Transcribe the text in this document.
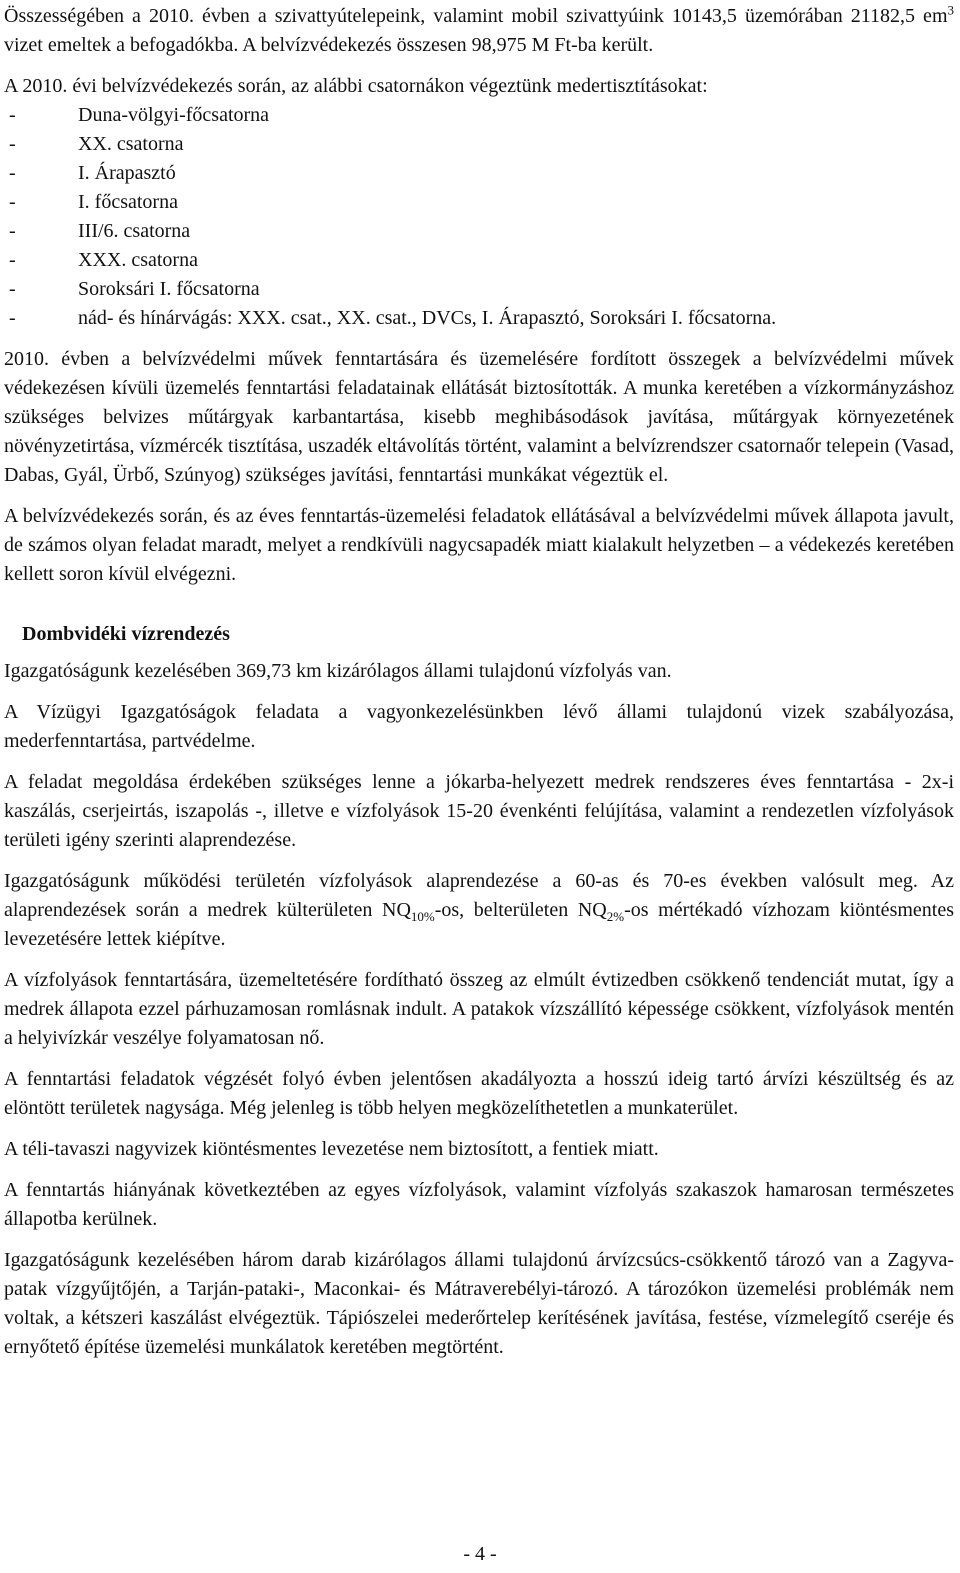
Összességében a 2010. évben a szivattyútelepeink, valamint mobil szivattyúink 10143,5 üzemórában 21182,5 $em^3$ vizet emeltek a befogadókba. A belvízvédekezés összesen 98,975 M Ft-ba került.

A 2010. évi belvízvédekezés során, az alábbi csatornákon végeztünk medertisztításokat:

- Duna-völgyi-főcsatorna
- XX. csatorna
- I. Árapasztó
- I. főcsatorna
- III/6. csatorna
- XXX. csatorna
- Soroksári I. főcsatorna
- nád- és hínárvágás: XXX. csat., XX. csat., DVCs, I. Árapasztó, Soroksári I. főcsatorna.

2010. évben a belvízvédelmi művek fenntartására és üzemelésére fordított összegek a belvízvédelmi művek védekezésen kívüli üzemelés fenntartási feladatainak ellátását biztosították. A munka keretében a vízkormányzáshoz szükséges belvizes műtárgyak karbantartása, kisebb meghibásodások javítása, műtárgyak környezetének növényzetirtása, vízmércék tisztítása, uszadék eltávolítás történt, valamint a belvízrendszer csatornaőr telepein (Vasad, Dabas, Gyál, Ürbő, Szúnyog) szükséges javítási, fenntartási munkákat végeztük el.

A belvízvédekezés során, és az éves fenntartás-üzemelési feladatok ellátásával a belvízvédelmi művek állapota javult, de számos olyan feladat maradt, melyet a rendkívüli nagycsapadék miatt kialakult helyzetben – a védekezés keretében kellett soron kívül elvégezni.

Dombvidéki vízrendezés

Igazgatóságunk kezelésében 369,73 km kizárólagos állami tulajdonú vízfolyás van.

A Vízügyi Igazgatóságok feladata a vagyonkezelésünkben lévő állami tulajdonú vizek szabályozása, mederfenntartása, partvédelme.

A feladat megoldása érdekében szükséges lenne a jókarba-helyezett medrek rendszeres éves fenntartása - 2x-i kaszálás, cserjeirtás, iszapolás -, illetve e vízfolyások 15-20 évenkénti felújítása, valamint a rendezetlen vízfolyások területi igény szerinti alaprendezése.

Igazgatóságunk működési területén vízfolyások alaprendezése a 60-as és 70-es években valósult meg. Az alaprendezések során a medrek külterületen $NQ_{10\%}-os$, belterületen $NQ_{2\%}-os$ mértékadó vízhozam kiöntésmentes levezetésére lettek kiépítve.

A vízfolyások fenntartására, üzemeltetésére fordítható összeg az elmúlt évtizedben csökkenő tendenciát mutat, így a medrek állapota ezzel párhuzamosan romlásnak indult. A patakok vízszállító képessége csökkent, vízfolyások mentén a helyivízkár veszélye folyamatosan nő.

A fenntartási feladatok végzését folyó évben jelentősen akadályozta a hosszú ideig tartó árvízi készültség és az elöntött területek nagysága. Még jelenleg is több helyen megközelíthetetlen a munkaterület.

A téli-tavaszi nagyvizek kiöntésmentes levezetése nem biztosított, a fentiek miatt.

A fenntartás hiányának következtében az egyes vízfolyások, valamint vízfolyás szakaszok hamarosan természetes állapotba kerülnek.

Igazgatóságunk kezelésében három darab kizárólagos állami tulajdonú árvízcsúcs-csökkentő tározó van a Zagyva-patak vízgyűjtőjén, a Tarján-pataki-, Maconkai- és Mátraverebélyi-tározó. A tározókon üzemelési problémák nem voltak, a kétszeri kaszálást elvégeztük. Tápiószelei mederőrtelep kerítésének javítása, festése, vízmelegítő cseréje és ernyőtető építése üzemelési munkálatok keretében megtörtént.

- 4 -
